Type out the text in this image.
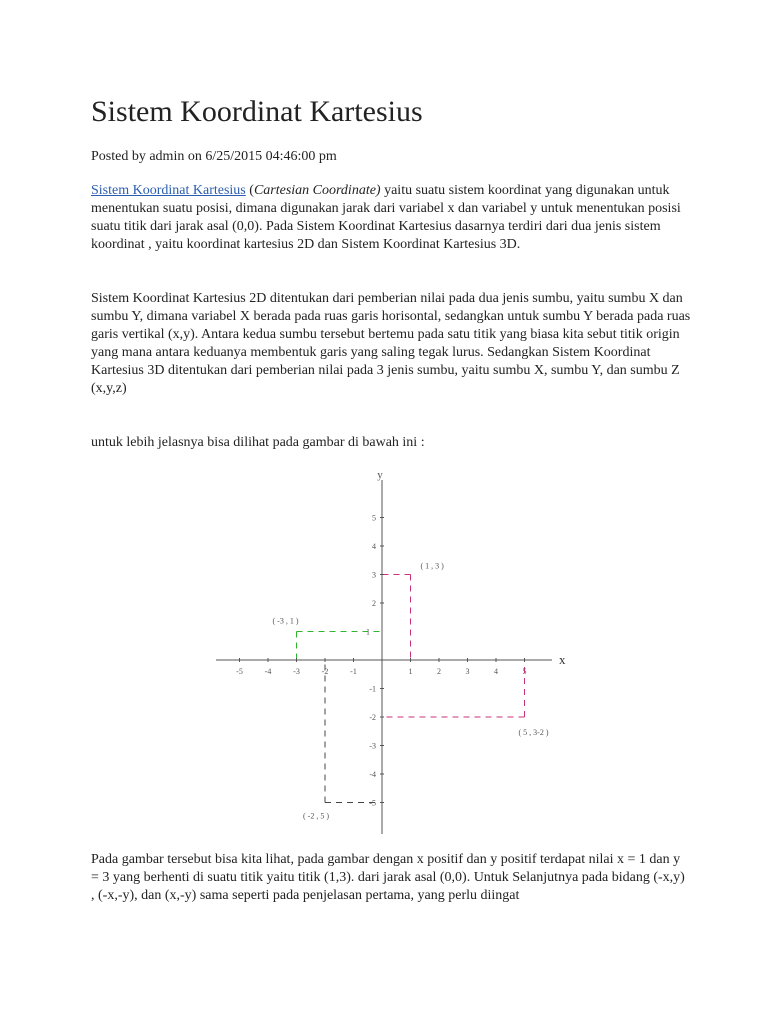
Sistem Koordinat Kartesius
Posted by admin on 6/25/2015 04:46:00 pm

Sistem Koordinat Kartesius (Cartesian Coordinate) yaitu suatu sistem koordinat yang digunakan untuk menentukan suatu posisi, dimana digunakan jarak dari variabel x dan variabel y untuk menentukan posisi suatu titik dari jarak asal (0,0). Pada Sistem Koordinat Kartesius dasarnya terdiri dari dua jenis sistem koordinat , yaitu koordinat kartesius 2D dan Sistem Koordinat Kartesius 3D.

Sistem Koordinat Kartesius 2D ditentukan dari pemberian nilai pada dua jenis sumbu, yaitu sumbu X dan sumbu Y, dimana variabel X berada pada ruas garis horisontal, sedangkan untuk sumbu Y berada pada ruas garis vertikal (x,y). Antara kedua sumbu tersebut bertemu pada satu titik yang biasa kita sebut titik origin yang mana antara keduanya membentuk garis yang saling tegak lurus. Sedangkan Sistem Koordinat Kartesius 3D ditentukan dari pemberian nilai pada 3 jenis sumbu, yaitu sumbu X, sumbu Y, dan sumbu Z (x,y,z)

untuk lebih jelasnya bisa dilihat pada gambar di bawah ini :

Pada gambar tersebut bisa kita lihat, pada gambar dengan x positif dan y positif terdapat nilai x = 1 dan y = 3 yang berhenti di suatu titik yaitu titik (1,3). dari jarak asal (0,0). Untuk Selanjutnya pada bidang (-x,y) , (-x,-y), dan (x,-y) sama seperti pada penjelasan pertama, yang perlu diingat

-5	-4	-3	-2	-1	1	2	3	4	5
5
4
3
2
-1
-2
-3
-4
-5
1
x
y
( 1 , 3 )
( -3 , 1 )
( 5 , 3-2 )
( -2 , 5 )
